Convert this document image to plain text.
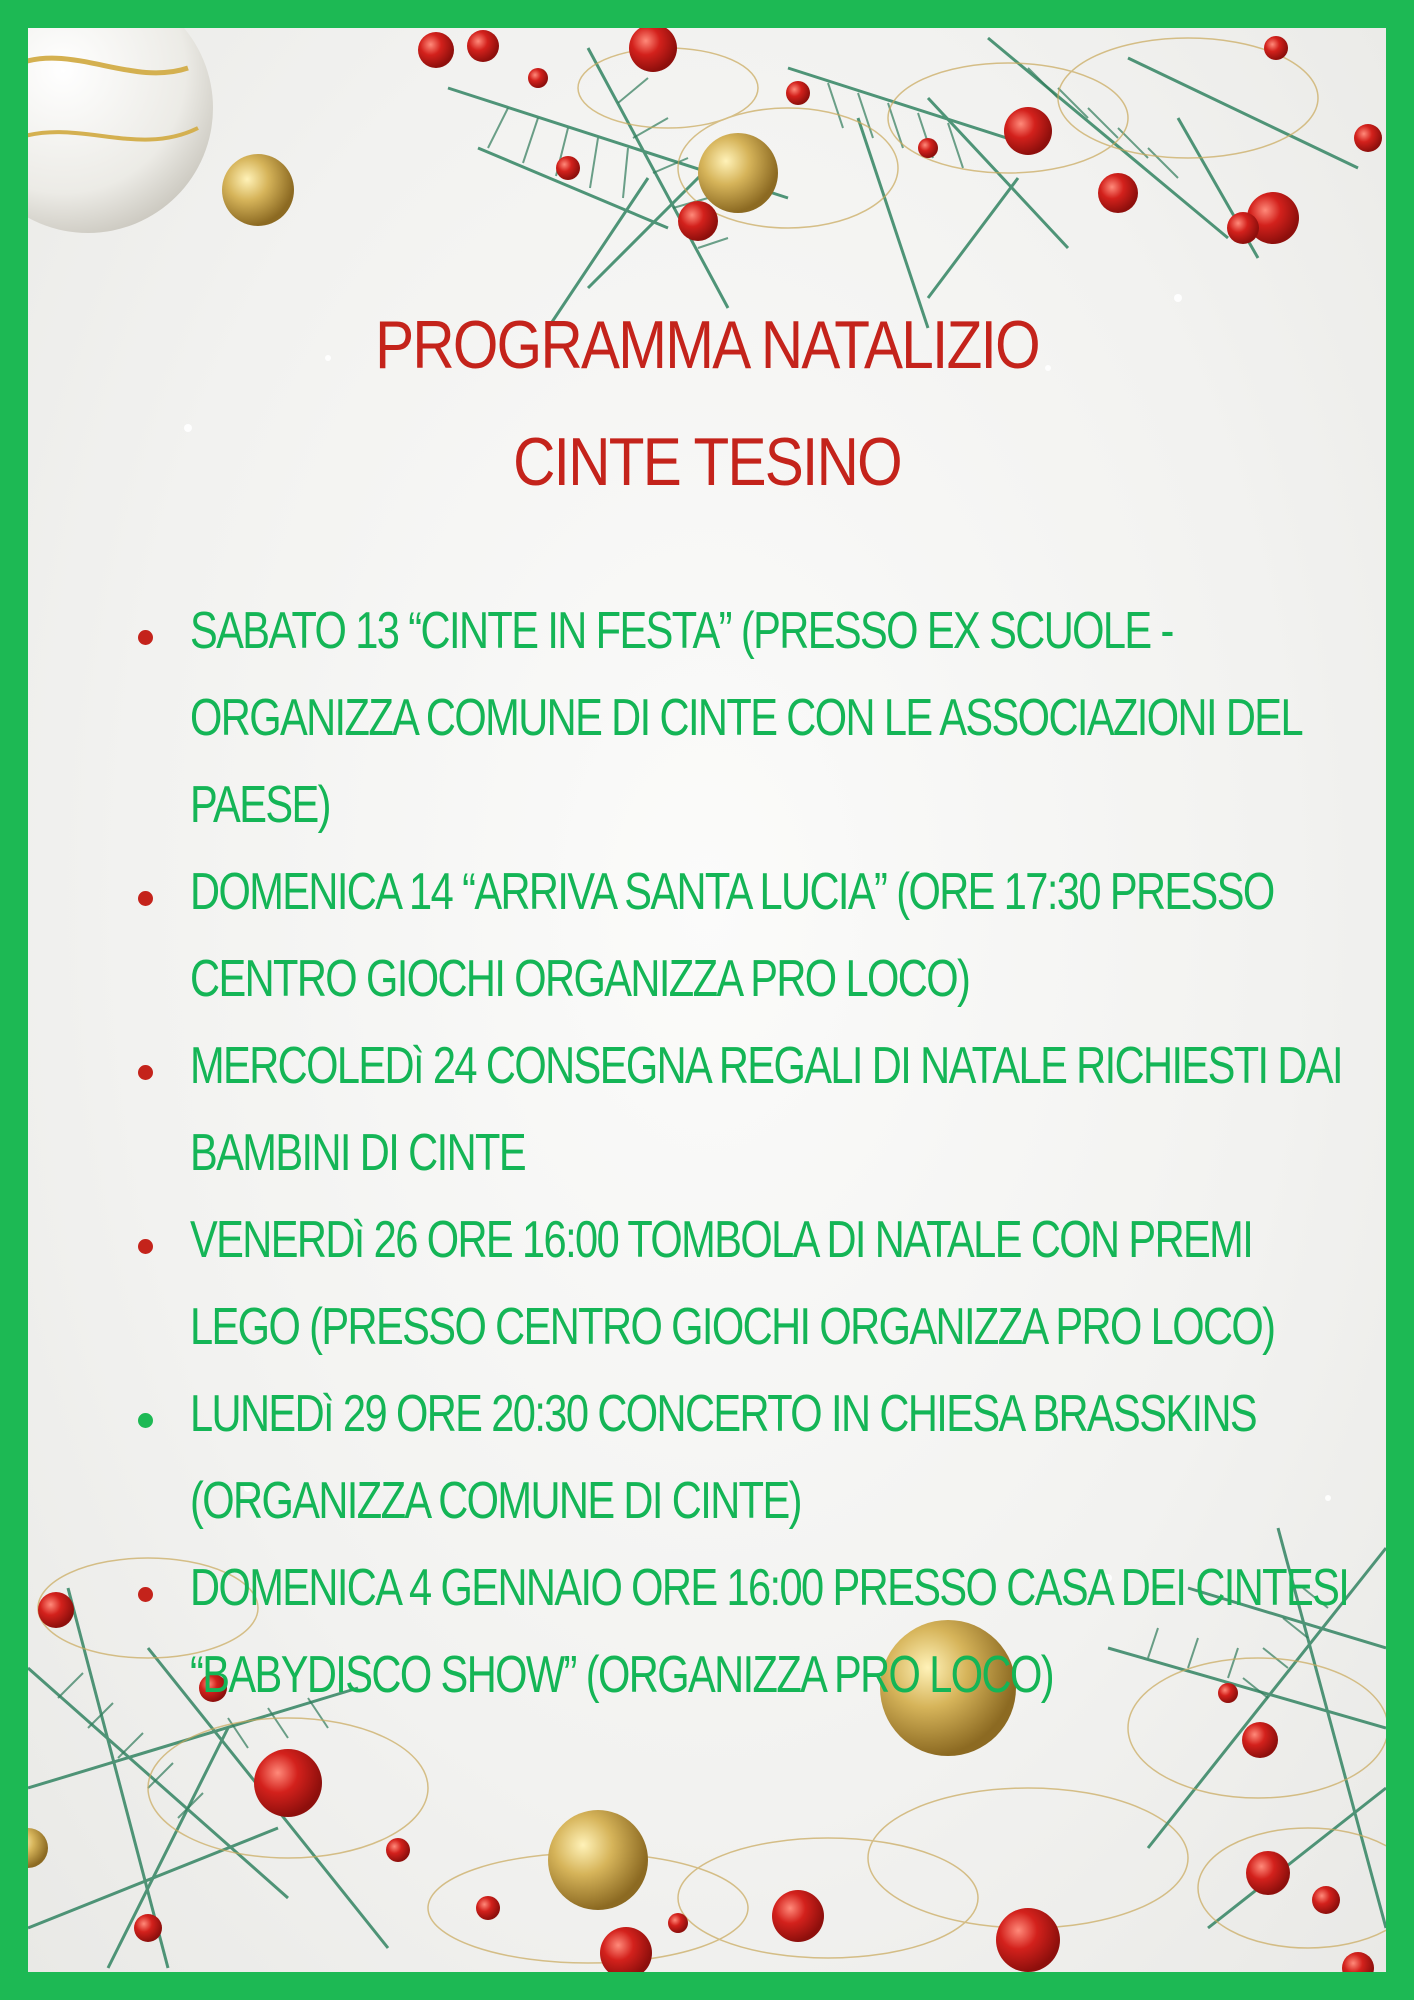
PROGRAMMA NATALIZIO
CINTE TESINO
SABATO 13 “CINTE IN FESTA” (PRESSO EX SCUOLE - ORGANIZZA COMUNE DI CINTE CON LE ASSOCIAZIONI DEL PAESE)
DOMENICA 14 “ARRIVA SANTA LUCIA” (ORE 17:30 PRESSO CENTRO GIOCHI ORGANIZZA PRO LOCO)
MERCOLEDì 24 CONSEGNA REGALI DI NATALE RICHIESTI DAI BAMBINI DI CINTE
VENERDì 26 ORE 16:00 TOMBOLA DI NATALE CON PREMI LEGO (PRESSO CENTRO GIOCHI ORGANIZZA PRO LOCO)
LUNEDì 29 ORE 20:30 CONCERTO IN CHIESA BRASSKINS (ORGANIZZA COMUNE DI CINTE)
DOMENICA 4 GENNAIO ORE 16:00 PRESSO CASA DEI CINTESI “BABYDISCO SHOW” (ORGANIZZA PRO LOCO)
